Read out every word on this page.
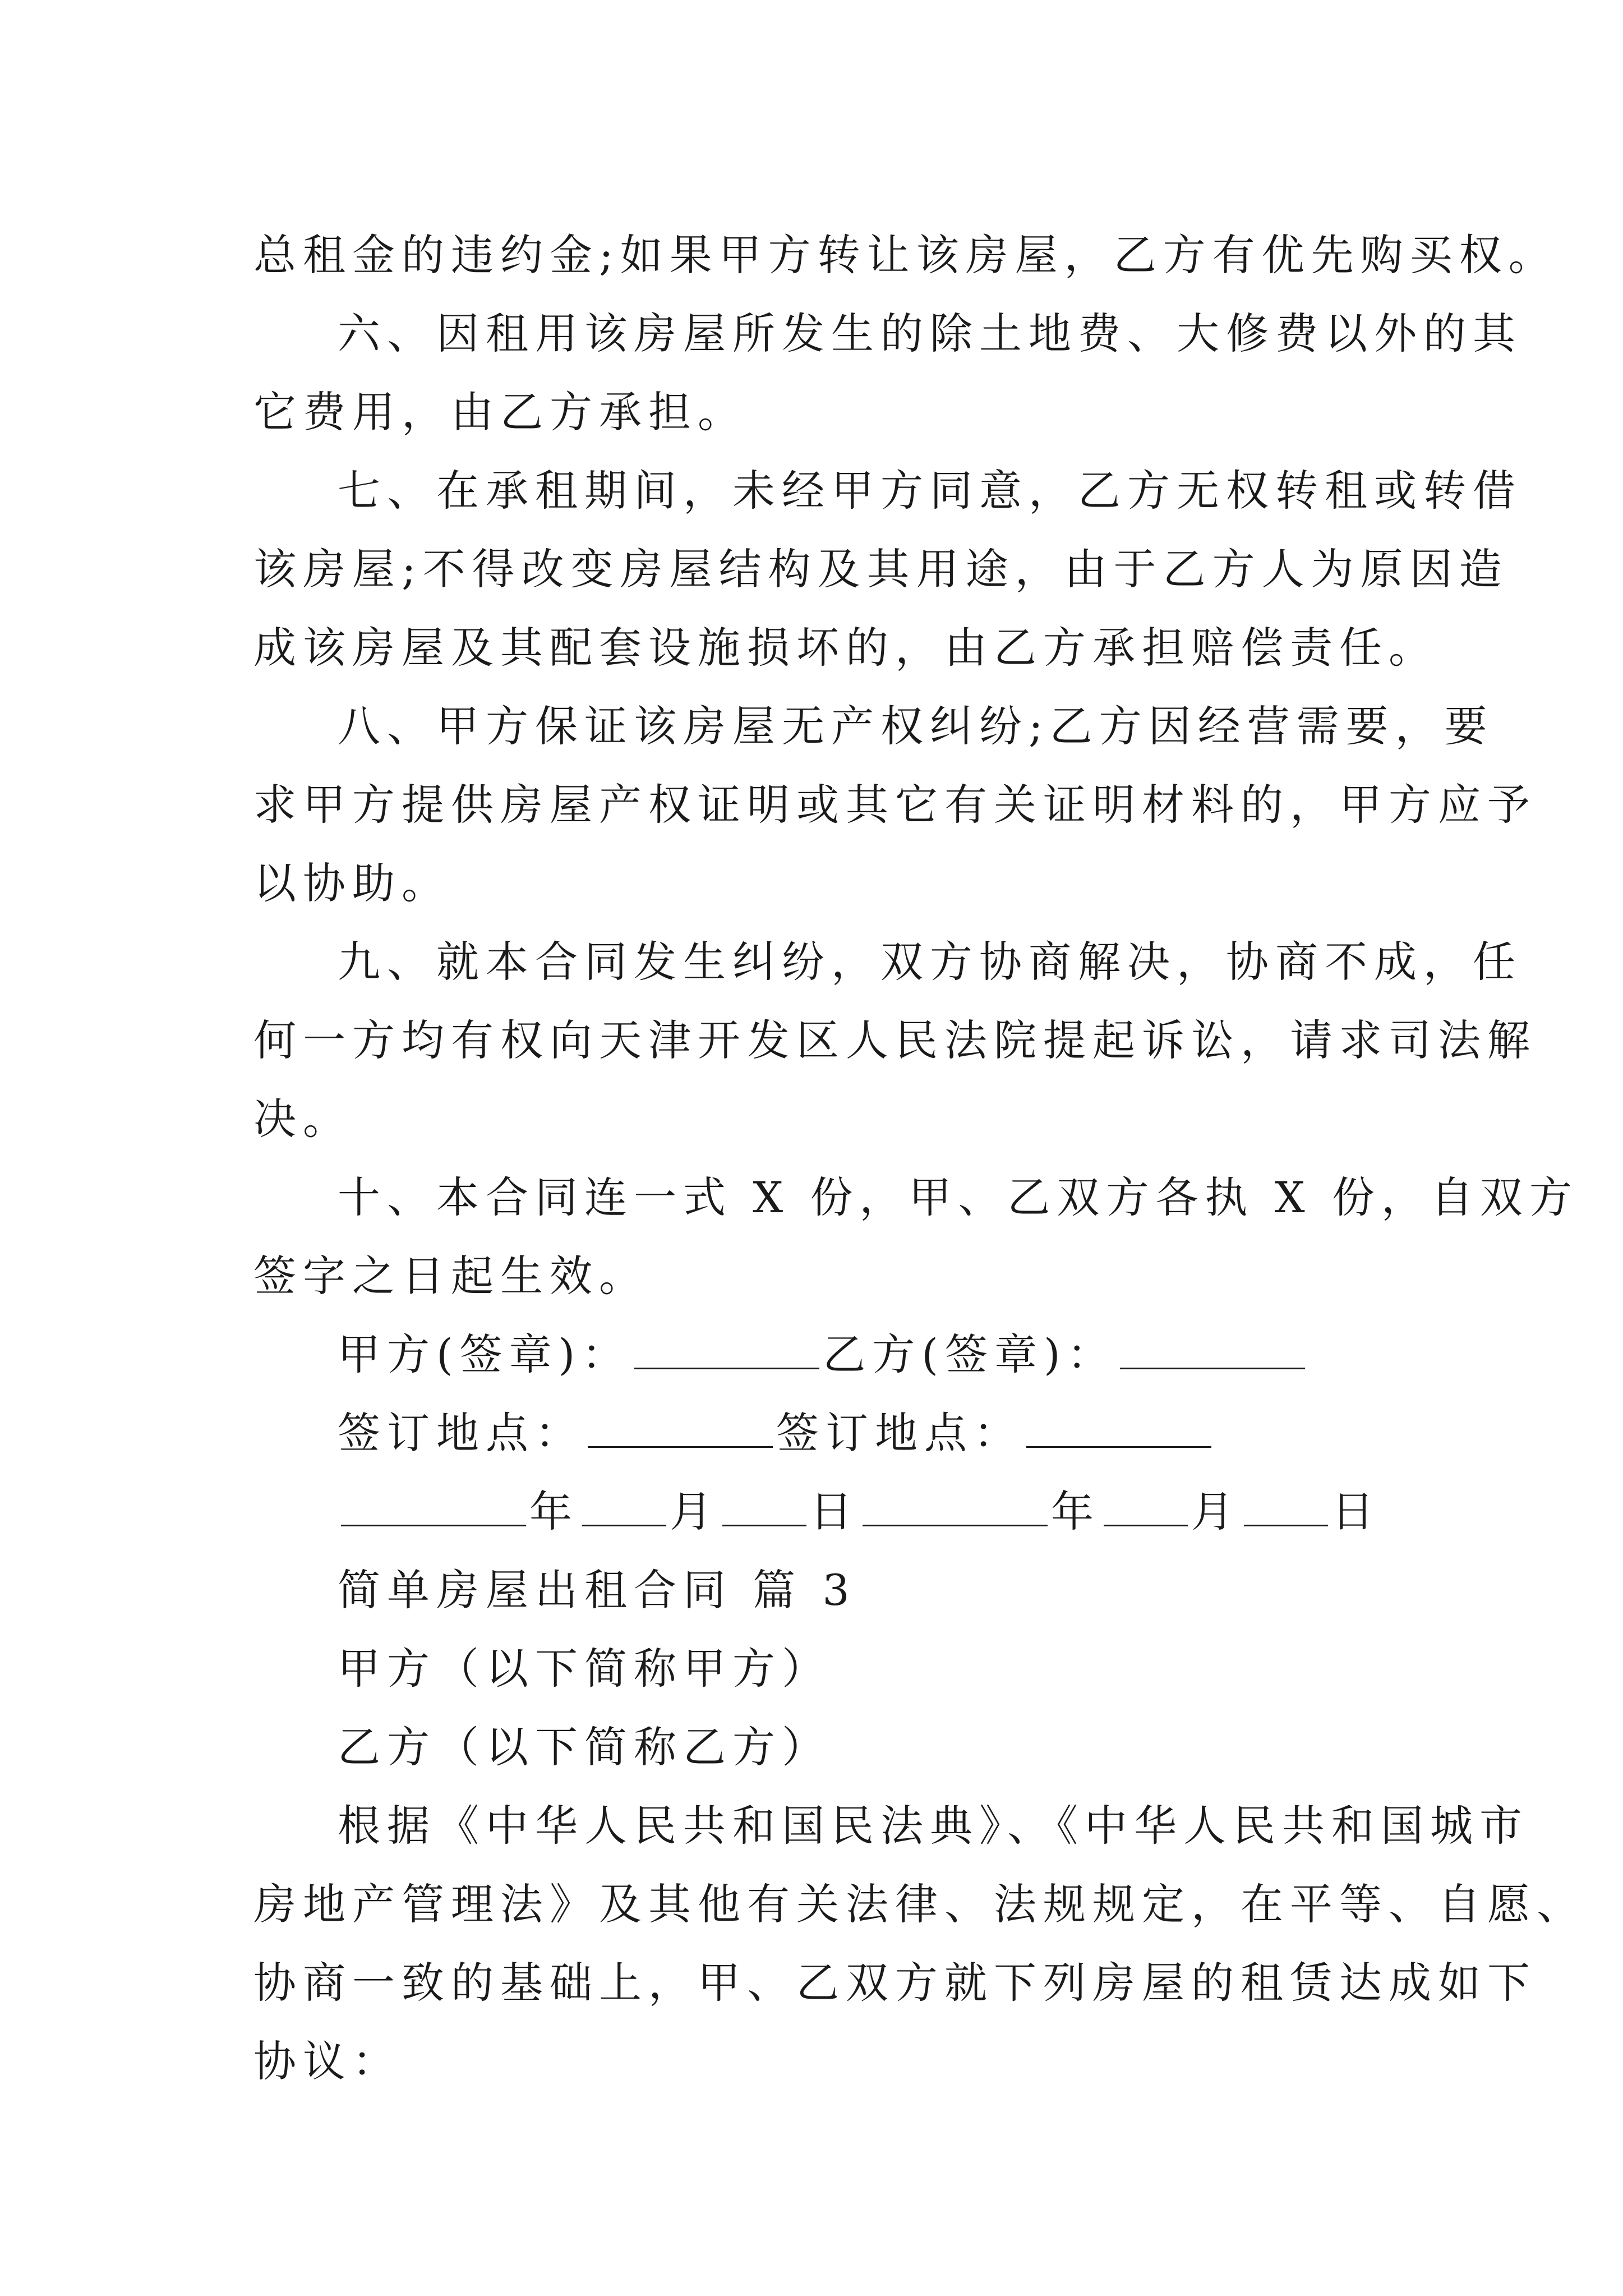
总租金的违约金;如果甲方转让该房屋，乙方有优先购买权。
六、因租用该房屋所发生的除土地费、大修费以外的其
它费用，由乙方承担。
七、在承租期间，未经甲方同意，乙方无权转租或转借
该房屋;不得改变房屋结构及其用途，由于乙方人为原因造
成该房屋及其配套设施损坏的，由乙方承担赔偿责任。
八、甲方保证该房屋无产权纠纷;乙方因经营需要，要
求甲方提供房屋产权证明或其它有关证明材料的，甲方应予
以协助。
九、就本合同发生纠纷，双方协商解决，协商不成，任
何一方均有权向天津开发区人民法院提起诉讼，请求司法解
决。
十、本合同连一式 X 份，甲、乙双方各执 X 份，自双方
签字之日起生效。
甲方(签章)：	乙方(签章)：
签订地点：	签订地点：
年 月 日	年 月 日
简单房屋出租合同 篇 3
甲方（以下简称甲方）
乙方（以下简称乙方）
根据《中华人民共和国民法典》、《中华人民共和国城市
房地产管理法》及其他有关法律、法规规定，在平等、自愿、
协商一致的基础上，甲、乙双方就下列房屋的租赁达成如下
协议：
